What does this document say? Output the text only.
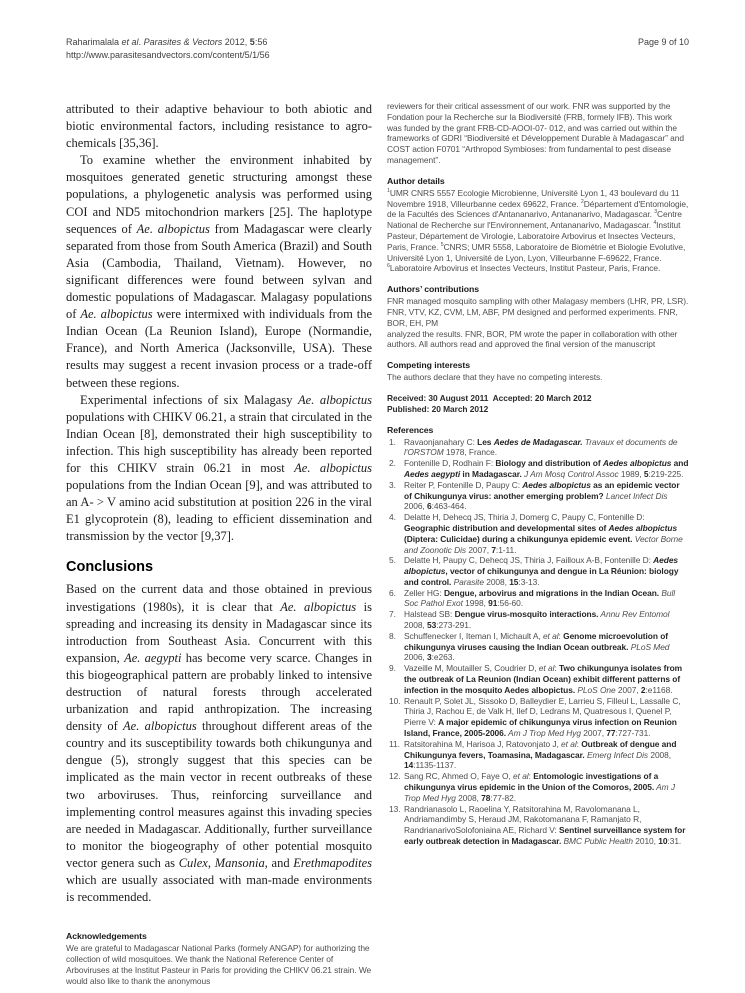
Raharimalala et al. Parasites & Vectors 2012, 5:56
http://www.parasitesandvectors.com/content/5/1/56
Page 9 of 10

attributed to their adaptive behaviour to both abiotic and biotic environmental factors, including resistance to agro-chemicals [35,36].

To examine whether the environment inhabited by mosquitoes generated genetic structuring amongst these populations, a phylogenetic analysis was performed using COI and ND5 mitochondrion markers [25]. The haplotype sequences of Ae. albopictus from Madagascar were clearly separated from those from South America (Brazil) and South Asia (Cambodia, Thailand, Vietnam). However, no significant differences were found between sylvan and domestic populations of Madagascar. Malagasy populations of Ae. albopictus were intermixed with individuals from the Indian Ocean (La Reunion Island), Europe (Normandie, France), and North America (Jacksonville, USA). These results may suggest a recent invasion process or a trade-off between these regions.

Experimental infections of six Malagasy Ae. albopictus populations with CHIKV 06.21, a strain that circulated in the Indian Ocean [8], demonstrated their high susceptibility to infection. This high susceptibility has already been reported for this CHIKV strain 06.21 in most Ae. albopictus populations from the Indian Ocean [9], and was attributed to an A- > V amino acid substitution at position 226 in the viral E1 glycoprotein (8), leading to efficient dissemination and transmission by the vector [9,37].

Conclusions

Based on the current data and those obtained in previous investigations (1980s), it is clear that Ae. albopictus is spreading and increasing its density in Madagascar since its introduction from Southeast Asia. Concurrent with this expansion, Ae. aegypti has become very scarce. Changes in this biogeographical pattern are probably linked to intensive destruction of natural forests through accelerated urbanization and rapid anthropization. The increasing density of Ae. albopictus throughout different areas of the country and its susceptibility towards both chikungunya and dengue (5), strongly suggest that this species can be implicated as the main vector in recent outbreaks of these two arboviruses. Thus, reinforcing surveillance and implementing control measures against this invading species are needed in Madagascar. Additionally, further surveillance to monitor the biogeography of other potential mosquito vector genera such as Culex, Mansonia, and Erethmapodites which are usually associated with man-made environments is recommended.

Acknowledgements

We are grateful to Madagascar National Parks (formely ANGAP) for authorizing the collection of wild mosquitoes. We thank the National Reference Center of Arboviruses at the Institut Pasteur in Paris for providing the CHIKV 06.21 strain. We would also like to thank the anonymous

reviewers for their critical assessment of our work. FNR was supported by the Fondation pour la Recherche sur la Biodiversité (FRB, formely IFB). This work was funded by the grant FRB-CD-AOOI-07- 012, and was carried out within the frameworks of GDRI “Biodiversité et Développement Durable à Madagascar” and COST action F0701 “Arthropod Symbioses: from fundamental to pest disease management”.

Author details

$^1$UMR CNRS 5557 Ecologie Microbienne, Université Lyon 1, 43 boulevard du 11 Novembre 1918, Villeurbanne cedex 69622, France. $^2$Département d'Entomologie, de la Facultés des Sciences d'Antananarivo, Antananarivo, Madagascar. $^3$Centre National de Recherche sur l'Environnement, Antananarivo, Madagascar. $^4$Institut Pasteur, Département de Virologie, Laboratoire Arbovirus et Insectes Vecteurs, Paris, France. $^5$CNRS; UMR 5558, Laboratoire de Biométrie et Biologie Evolutive, Université Lyon 1, Université de Lyon, Lyon, Villeurbanne F-69622, France. $^6$Laboratoire Arbovirus et Insectes Vecteurs, Institut Pasteur, Paris, France.

Authors’ contributions

FNR managed mosquito sampling with other Malagasy members (LHR, PR, LSR). FNR, VTV, KZ, CVM, LM, ABF, PM designed and performed experiments. FNR, BOR, EH, PM

analyzed the results. FNR, BOR, PM wrote the paper in collaboration with other authors. All authors read and approved the final version of the manuscript

Competing interests

The authors declare that they have no competing interests.

Received: 30 August 2011  Accepted: 20 March 2012
Published: 20 March 2012
References
1. Ravaonjanahary C: Les Aedes de Madagascar. Travaux et documents de l'ORSTOM 1978, France.
2. Fontenille D, Rodhain F: Biology and distribution of Aedes albopictus and Aedes aegypti in Madagascar. J Am Mosq Control Assoc 1989, 5:219-225.
3. Reiter P, Fontenille D, Paupy C: Aedes albopictus as an epidemic vector of Chikungunya virus: another emerging problem? Lancet Infect Dis 2006, 6:463-464.
4. Delatte H, Dehecq JS, Thiria J, Domerg C, Paupy C, Fontenille D: Geographic distribution and developmental sites of Aedes albopictus (Diptera: Culicidae) during a chikungunya epidemic event. Vector Borne and Zoonotic Dis 2007, 7:1-11.
5. Delatte H, Paupy C, Dehecq JS, Thiria J, Failloux A-B, Fontenille D: Aedes albopictus, vector of chikungunya and dengue in La Réunion: biology and control. Parasite 2008, 15:3-13.
6. Zeller HG: Dengue, arbovirus and migrations in the Indian Ocean. Bull Soc Pathol Exot 1998, 91:56-60.
7. Halstead SB: Dengue virus-mosquito interactions. Annu Rev Entomol 2008, 53:273-291.
8. Schuffenecker I, Iteman I, Michault A, et al: Genome microevolution of chikungunya viruses causing the Indian Ocean outbreak. PLoS Med 2006, 3:e263.
9. Vazeille M, Moutailler S, Coudrier D, et al: Two chikungunya isolates from the outbreak of La Reunion (Indian Ocean) exhibit different patterns of infection in the mosquito Aedes albopictus. PLoS One 2007, 2:e1168.
10. Renault P, Solet JL, Sissoko D, Balleydier E, Larrieu S, Filleul L, Lassalle C, Thiria J, Rachou E, de Valk H, Ilef D, Ledrans M, Quatresous I, Quenel P, Pierre V: A major epidemic of chikungunya virus infection on Reunion Island, France, 2005-2006. Am J Trop Med Hyg 2007, 77:727-731.
11. Ratsitorahina M, Harisoa J, Ratovonjato J, et al: Outbreak of dengue and Chikungunya fevers, Toamasina, Madagascar. Emerg Infect Dis 2008, 14:1135-1137.
12. Sang RC, Ahmed O, Faye O, et al: Entomologic investigations of a chikungunya virus epidemic in the Union of the Comoros, 2005. Am J Trop Med Hyg 2008, 78:77-82.
13. Randrianasolo L, Raoelina Y, Ratsitorahina M, Ravolomanana L, Andriamandimby S, Heraud JM, Rakotomanana F, Ramanjato R, RandrianarivoSolofoniaina AE, Richard V: Sentinel surveillance system for early outbreak detection in Madagascar. BMC Public Health 2010, 10:31.
